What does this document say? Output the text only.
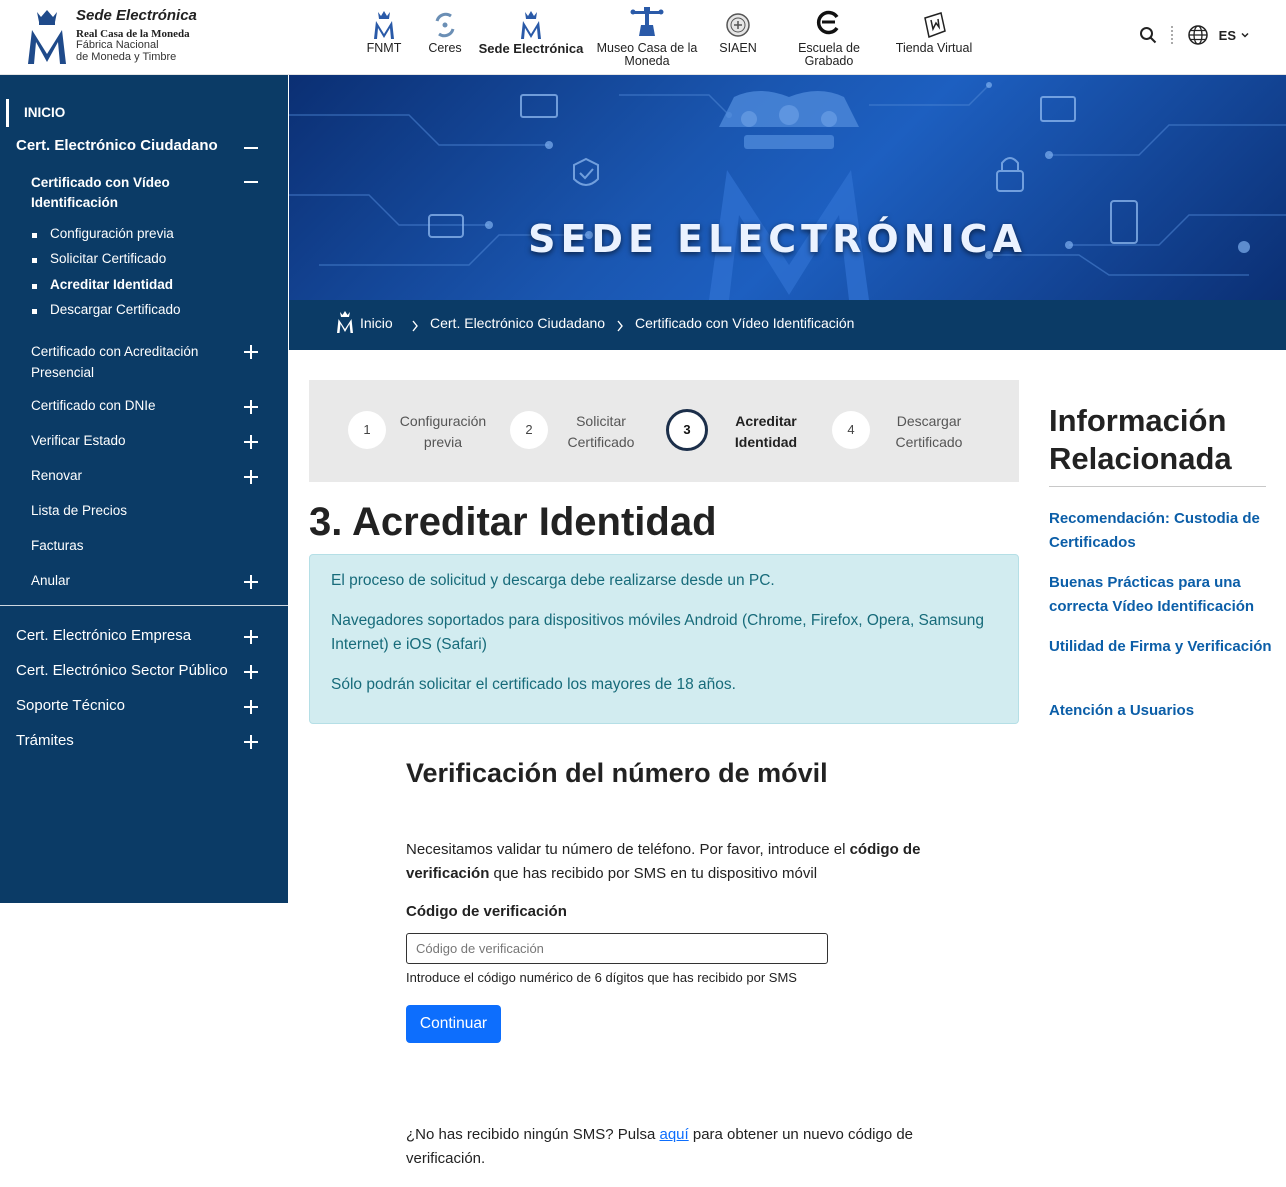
Sede Electrónica
Real Casa de la Moneda
Fábrica Nacional
de Moneda y Timbre
FNMT	Ceres	Sede Electrónica	Museo Casa de la Moneda
SIAEN	Escuela de Grabado
Tienda Virtual
ES
INICIO
Cert. Electrónico Ciudadano
Certificado con Vídeo Identificación
Configuración previa
Solicitar Certificado
Acreditar Identidad
Descargar Certificado
Certificado con Acreditación Presencial
Certificado con DNIe
Verificar Estado
Renovar
Lista de Precios
Facturas
Anular
Cert. Electrónico Empresa
Cert. Electrónico Sector Público
Soporte Técnico
Trámites
SEDE ELECTRÓNICA
Inicio	Cert. Electrónico Ciudadano Certificado con Vídeo Identificación
1
Configuración previa
2
Solicitar Certificado
3
Acreditar Identidad
4
Descargar Certificado
3. Acreditar Identidad

El proceso de solicitud y descarga debe realizarse desde un PC.

Navegadores soportados para dispositivos móviles Android (Chrome, Firefox, Opera, Samsung Internet) e iOS (Safari)

Sólo podrán solicitar el certificado los mayores de 18 años.

Verificación del número de móvil

Necesitamos validar tu número de teléfono. Por favor, introduce el código de verificación que has recibido por SMS en tu dispositivo móvil

Código de verificación
Código de verificación
Introduce el código numérico de 6 dígitos que has recibido por SMS
Continuar

¿No has recibido ningún SMS? Pulsa aquí para obtener un nuevo código de verificación.

Información Relacionada
Recomendación: Custodia de Certificados
Buenas Prácticas para una correcta Vídeo Identificación
Utilidad de Firma y Verificación
Atención a Usuarios
